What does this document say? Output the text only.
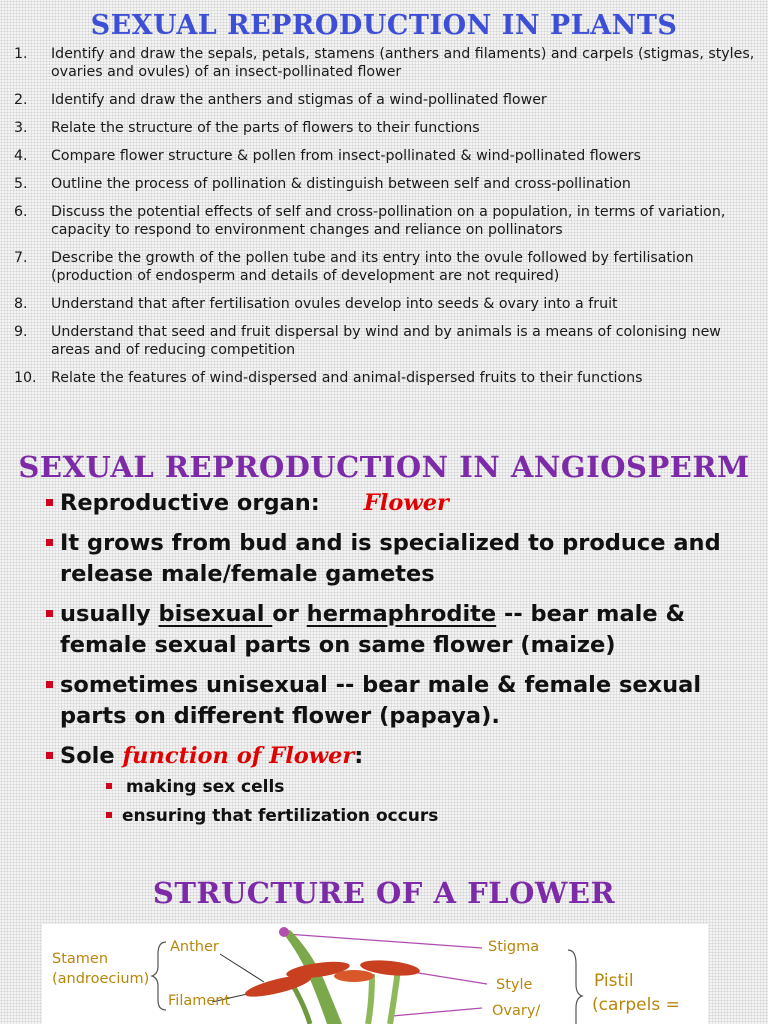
SEXUAL REPRODUCTION IN PLANTS
1.	Identify and draw the sepals, petals, stamens (anthers and filaments) and carpels (stigmas, styles, ovaries and ovules) of an insect-pollinated flower
2.	Identify and draw the anthers and stigmas of a wind-pollinated flower
3.	Relate the structure of the parts of flowers to their functions
4.	Compare flower structure & pollen from insect-pollinated & wind-pollinated flowers
5.	Outline the process of pollination & distinguish between self and cross-pollination
6.	Discuss the potential effects of self and cross-pollination on a population, in terms of variation, capacity to respond to environment changes and reliance on pollinators
7.	Describe the growth of the pollen tube and its entry into the ovule followed by fertilisation (production of endosperm and details of development are not required)
8.	Understand that after fertilisation ovules develop into seeds & ovary into a fruit
9.	Understand that seed and fruit dispersal by wind and by animals is a means of colonising new areas and of reducing competition
10.	Relate the features of wind-dispersed and animal-dispersed fruits to their functions
SEXUAL REPRODUCTION IN ANGIOSPERM
Reproductive organ: Flower
It grows from bud and is specialized to produce and release male/female gametes
usually bisexual or hermaphrodite -- bear male & female sexual parts on same flower (maize)
sometimes unisexual -- bear male & female sexual parts on different flower (papaya).
Sole function of Flower:
making sex cells
ensuring that fertilization occurs
STRUCTURE OF A FLOWER
Stamen
(androecium)
Anther
Filament
Stigma
Style
Ovary/
Pistil
(carpels =
